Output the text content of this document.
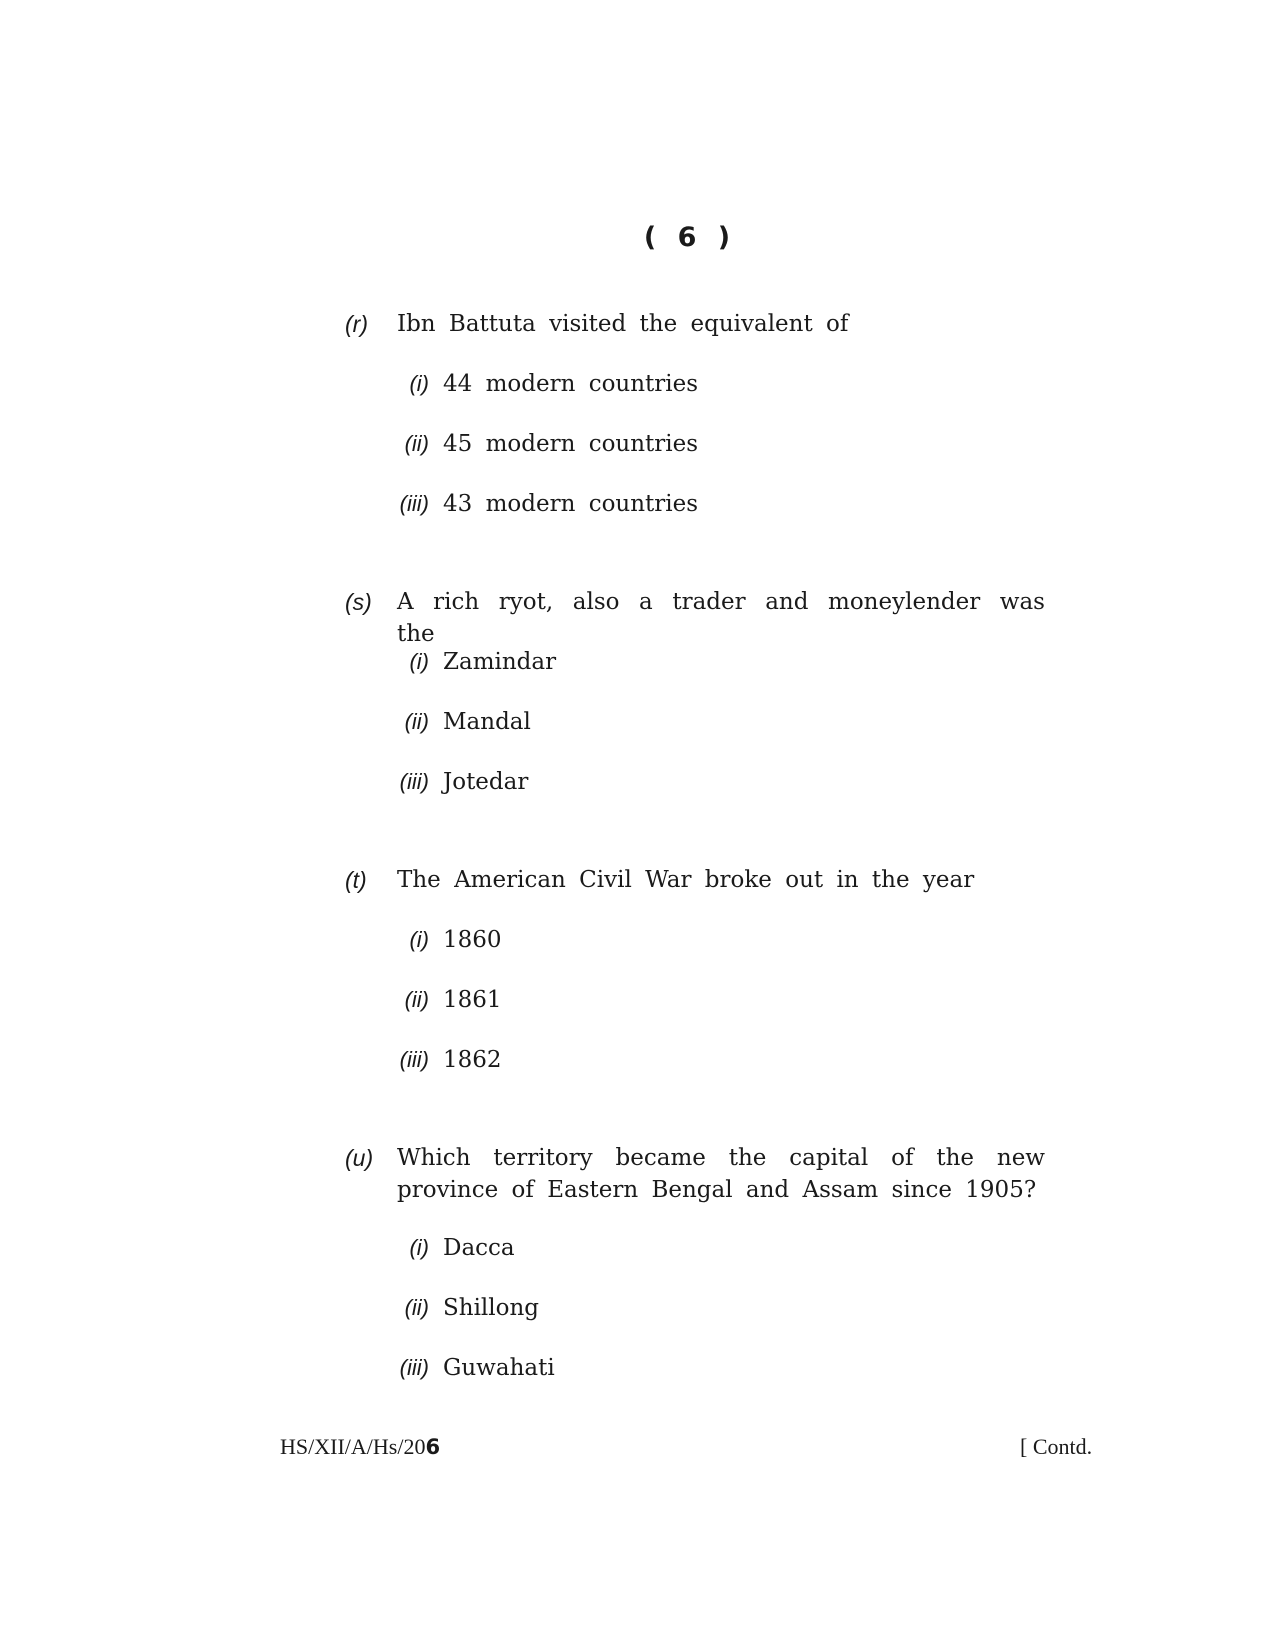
( 6 )
(r) Ibn Battuta visited the equivalent of
(i) 44 modern countries
(ii) 45 modern countries
(iii) 43 modern countries
(s) A rich ryot, also a trader and moneylender was the
(i) Zamindar
(ii) Mandal
(iii) Jotedar
(t) The American Civil War broke out in the year
(i) 1860
(ii) 1861
(iii) 1862
(u) Which territory became the capital of the new province of Eastern Bengal and Assam since 1905?
(i) Dacca
(ii) Shillong
(iii) Guwahati
HS/XII/A/Hs/206	[ Contd.
